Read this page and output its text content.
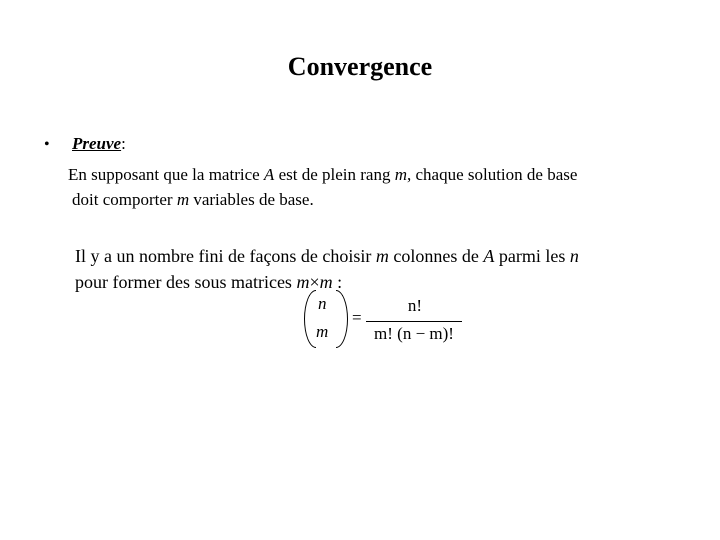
Convergence
• Preuve:
En supposant que la matrice A est de plein rang m, chaque solution de base
doit comporter m variables de base.
Il y a un nombre fini de façons de choisir m colonnes de A parmi les n
pour former des sous matrices m×m :
n
m
=
n!
m! (n − m)!
